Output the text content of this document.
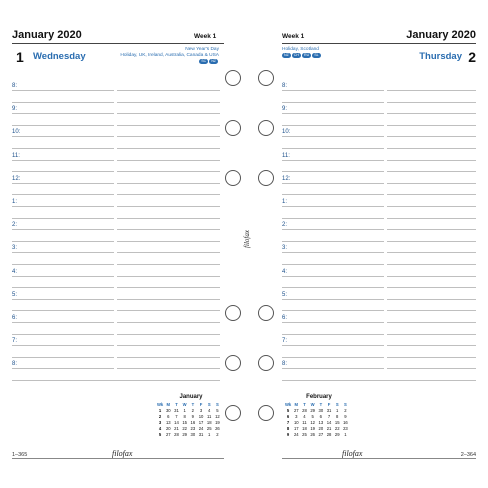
January 2020	Week 1
1 Wednesday
New Year's Day
Holiday, UK, Ireland, Australia, Canada & USA
SC NZ
8:
9:
10:
11:
12:
1:
2:
3:
4:
5:
6:
7:
8:
January
Wk	M	T	W	T	F	S	S
1	30	31	1	2	3	4	5
2	6	7	8	9	10	11	12
3	13	14	15	16	17	18	19
4	20	21	22	23	24	25	26
5	27	28	29	30	31	1	2
1–365	filofax
January 2020
Week 1
2
Thursday
Holiday, Scotland
NZ CH RU SL
8:
9:
10:
11:
12:
1:
2:
3:
4:
5:
6:
7:
8:
February
Wk	M	T	W	T	F	S	S
5	27	28	29	30	31	1	2
6	3	4	5	6	7	8	9
7	10	11	12	13	14	15	16
8	17	18	19	20	21	22	23
9	24	25	26	27	28	29	1
2–364
filofax
filofax
